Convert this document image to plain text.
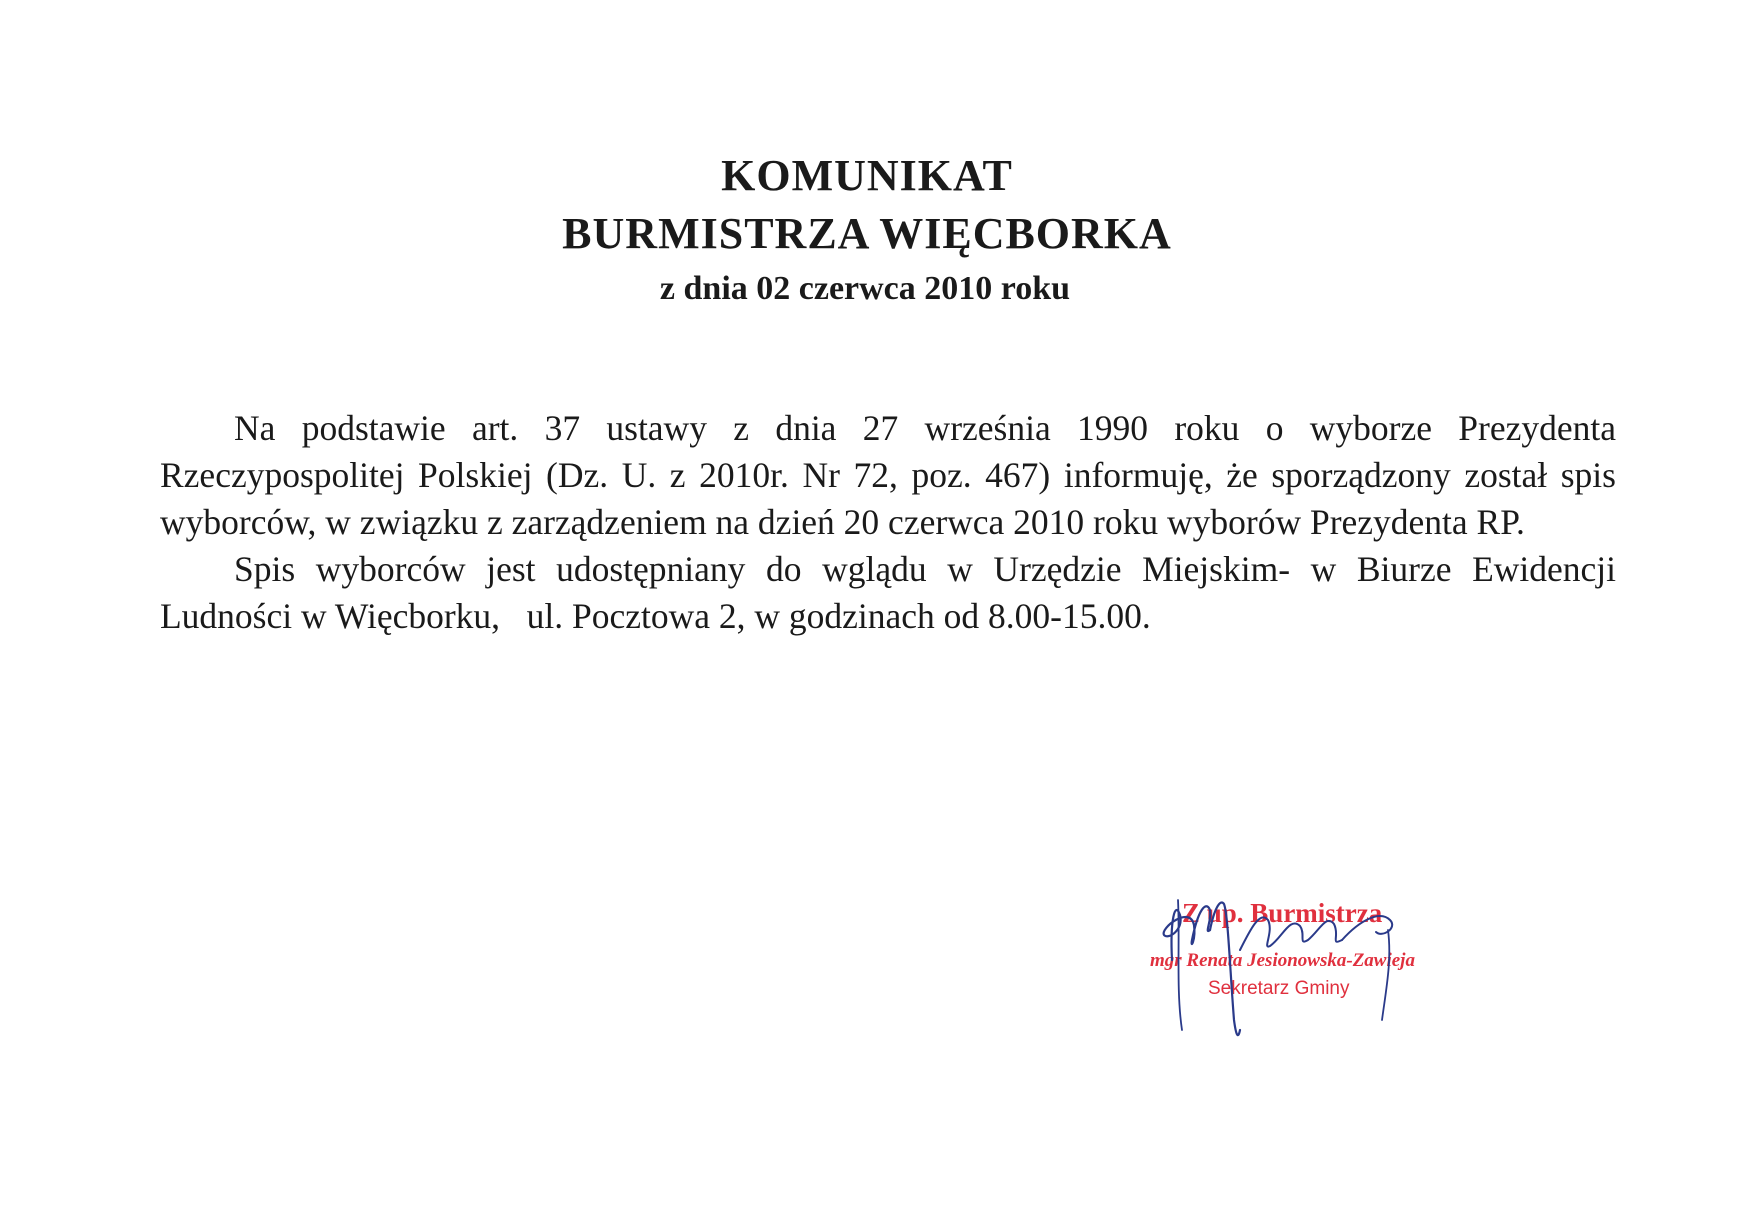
KOMUNIKAT
BURMISTRZA WIĘCBORKA
z dnia 02 czerwca 2010 roku

Na podstawie art. 37 ustawy z dnia 27 września 1990 roku o wyborze Prezydenta Rzeczypospolitej Polskiej (Dz. U. z 2010r. Nr 72, poz. 467) informuję, że sporządzony został spis wyborców, w związku z zarządzeniem na dzień 20 czerwca 2010 roku wyborów Prezydenta RP.

Spis wyborców jest udostępniany do wglądu w Urzędzie Miejskim- w Biurze Ewidencji Ludności w Więcborku,   ul. Pocztowa 2, w godzinach od 8.00-15.00.

Z up. Burmistrza
mgr Renata Jesionowska-Zawieja
Sekretarz Gminy
